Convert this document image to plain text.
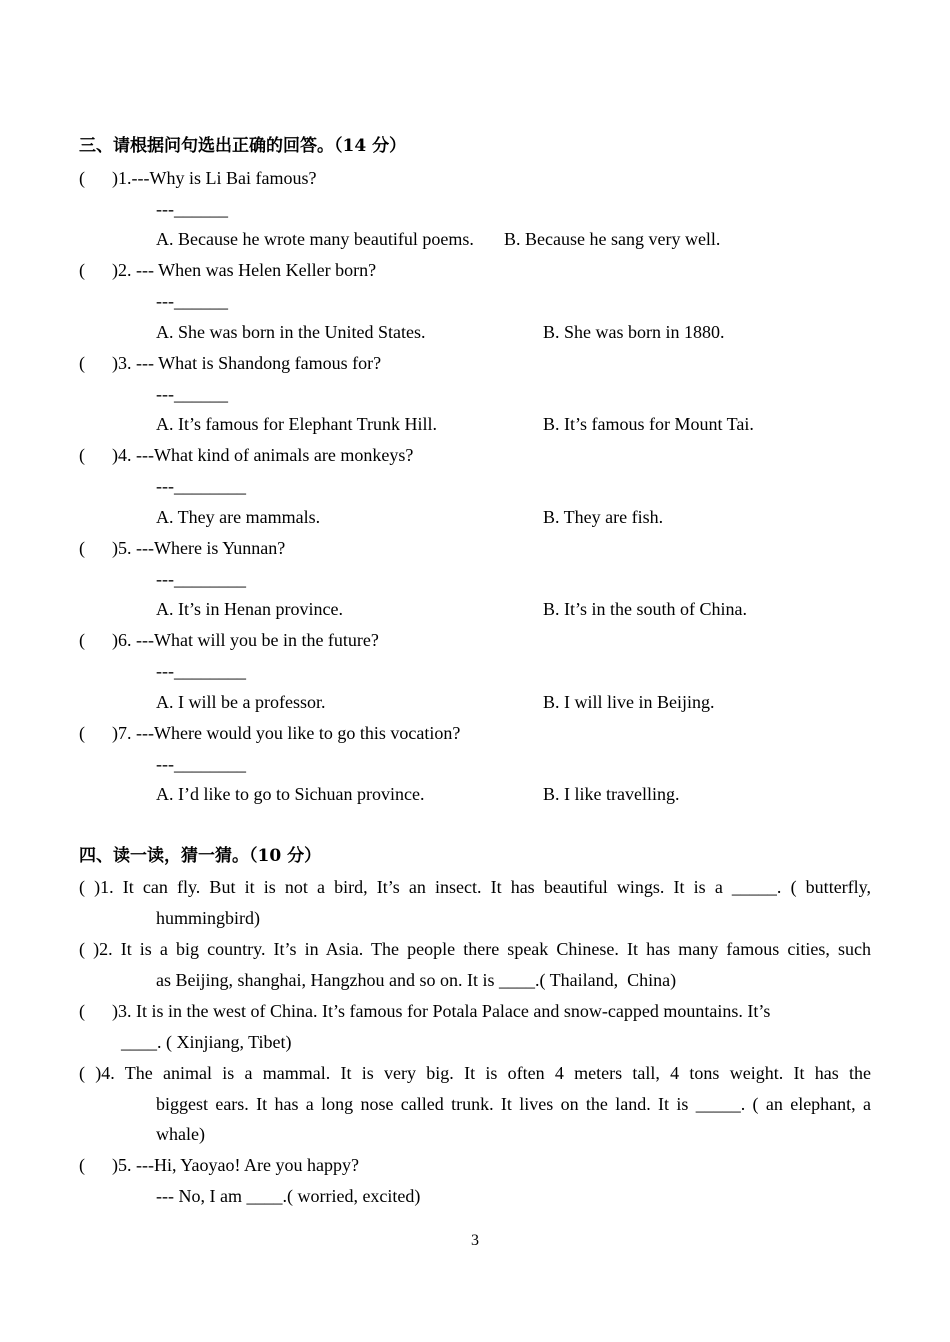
三、请根据问句选出正确的回答。（14 分）
(      )1.---Why is Li Bai famous?
---______
A. Because he wrote many beautiful poems. B. Because he sang very well.
(      )2. --- When was Helen Keller born?
---______
A. She was born in the United States.	B. She was born in 1880.
(      )3. --- What is Shandong famous for?
---______
A. It’s famous for Elephant Trunk Hill.	B. It’s famous for Mount Tai.
(      )4. ---What kind of animals are monkeys?
---________
A. They are mammals.	B. They are fish.
(      )5. ---Where is Yunnan?
---________
A. It’s in Henan province.	B. It’s in the south of China.
(      )6. ---What will you be in the future?
---________
A. I will be a professor.	B. I will live in Beijing.
(      )7. ---Where would you like to go this vocation?
---________
A. I’d like to go to Sichuan province.	B. I like travelling.
四、读一读，猜一猜。（10 分）
( )1. It can fly. But it is not a bird, It’s an insect. It has beautiful wings. It is a _____. ( butterfly,
hummingbird)
( )2. It is a big country. It’s in Asia. The people there speak Chinese. It has many famous cities, such
as Beijing, shanghai, Hangzhou and so on. It is ____.( Thailand,  China)
(      )3. It is in the west of China. It’s famous for Potala Palace and snow-capped mountains. It’s
____. ( Xinjiang, Tibet)
( )4. The animal is a mammal. It is very big. It is often 4 meters tall, 4 tons weight. It has the
biggest ears. It has a long nose called trunk. It lives on the land. It is _____. ( an elephant, a
whale)
(      )5. ---Hi, Yaoyao! Are you happy?
--- No, I am ____.( worried, excited)
3
